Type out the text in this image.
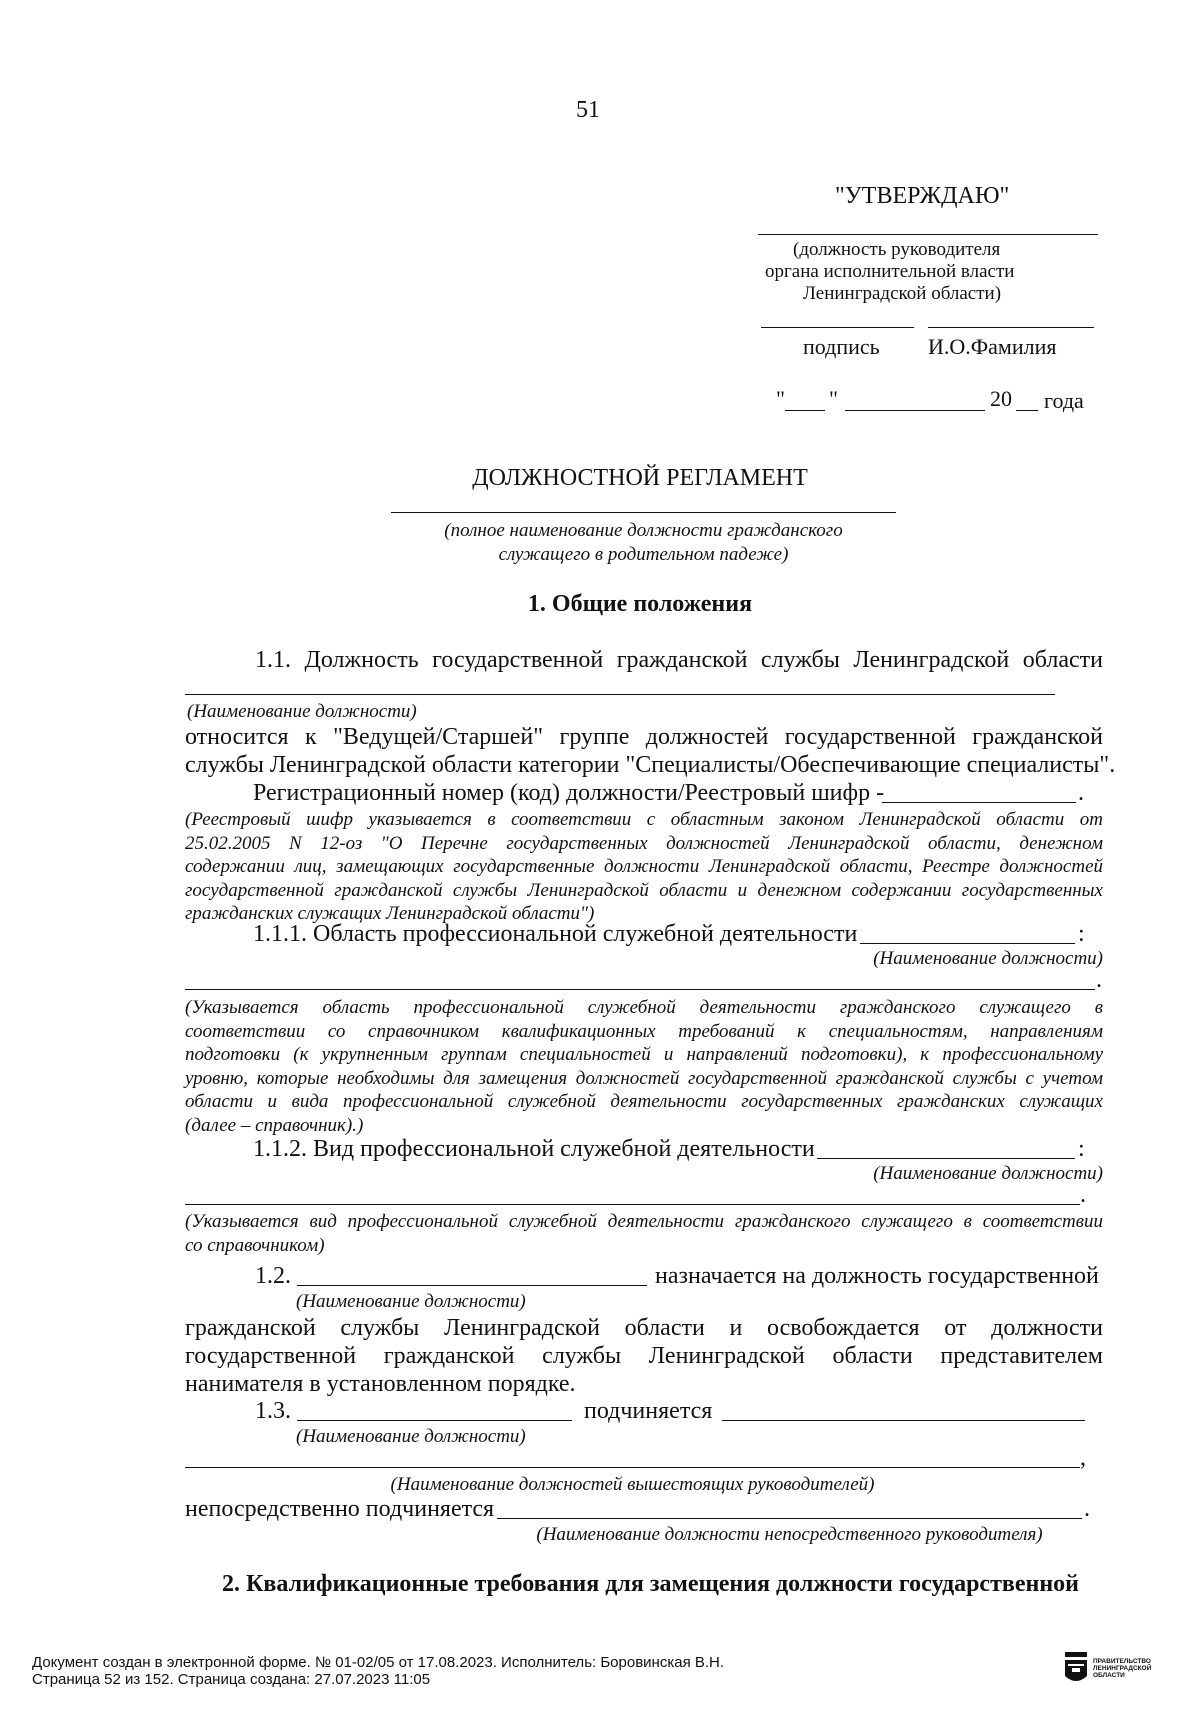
51
"УТВЕРЖДАЮ"
(должность руководителя
органа исполнительной власти
Ленинградской области)
подпись И.О.Фамилия
" "	20 года
ДОЛЖНОСТНОЙ РЕГЛАМЕНТ
(полное наименование должности гражданского
служащего в родительном падеже)
1. Общие положения
1.1. Должность государственной гражданской службы Ленинградской области
(Наименование должности)
относится к "Ведущей/Старшей" группе должностей государственной гражданской
службы Ленинградской области категории "Специалисты/Обеспечивающие специалисты".
Регистрационный номер (код) должности/Реестровый шифр -	.
(Реестровый шифр указывается в соответствии с областным законом Ленинградской области от
25.02.2005 N 12-оз "О Перечне государственных должностей Ленинградской области, денежном
содержании лиц, замещающих государственные должности Ленинградской области, Реестре должностей
государственной гражданской службы Ленинградской области и денежном содержании государственных
гражданских служащих Ленинградской области")
1.1.1. Область профессиональной служебной деятельности	:
(Наименование должности)
.
(Указывается область профессиональной служебной деятельности гражданского служащего в
соответствии со справочником квалификационных требований к специальностям, направлениям
подготовки (к укрупненным группам специальностей и направлений подготовки), к профессиональному
уровню, которые необходимы для замещения должностей государственной гражданской службы с учетом
области и вида профессиональной служебной деятельности государственных гражданских служащих
(далее – справочник).)
1.1.2. Вид профессиональной служебной деятельности	:
(Наименование должности)
.
(Указывается вид профессиональной служебной деятельности гражданского служащего в соответствии
со справочником)
1.2.	назначается на должность государственной
(Наименование должности)
гражданской службы Ленинградской области и освобождается от должности
государственной гражданской службы Ленинградской области представителем
нанимателя в установленном порядке.
1.3.	подчиняется
(Наименование должности)
,
(Наименование должностей вышестоящих руководителей)
непосредственно подчиняется	.
(Наименование должности непосредственного руководителя)
2. Квалификационные требования для замещения должности государственной
Документ создан в электронной форме. № 01-02/05 от 17.08.2023. Исполнитель: Боровинская В.Н.
Страница 52 из 152. Страница создана: 27.07.2023 11:05
ПРАВИТЕЛЬСТВО
ЛЕНИНГРАДСКОЙ
ОБЛАСТИ
